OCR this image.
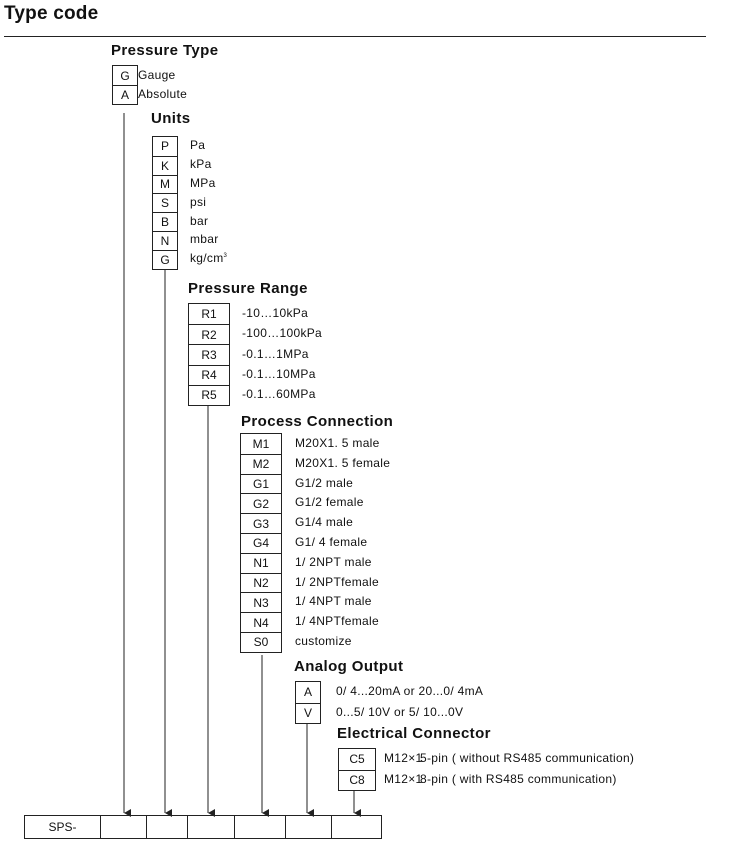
Type code
Pressure Type
Gauge
Absolute
G
A
Units
Pa
kPa
MPa
psi
bar
mbar
$kg/cm^3$
P
K
M
S
B
N
G
Pressure Range
-10…10kPa
-100…100kPa
-0.1…1MPa
-0.1…10MPa
-0.1…60MPa
R1
R2
R3
R4
R5
Process Connection
M20X1. 5 male
M20X1. 5 female
G1/2 male
G1/2 female
G1/4 male
G1/ 4 female
1/ 2NPT male
1/ 2NPTfemale
1/ 4NPT male
1/ 4NPTfemale
customize
M1
M2
G1
G2
G3
G4
N1
N2
N3
N4
S0
Analog Output
0/ 4...20mA or 20...0/ 4mA
0...5/ 10V or 5/ 10...0V
A
V
Electrical Connector
M12×1
5-pin ( without RS485 communication)
M12×1
8-pin ( with RS485 communication)
C5
C8
SPS-
